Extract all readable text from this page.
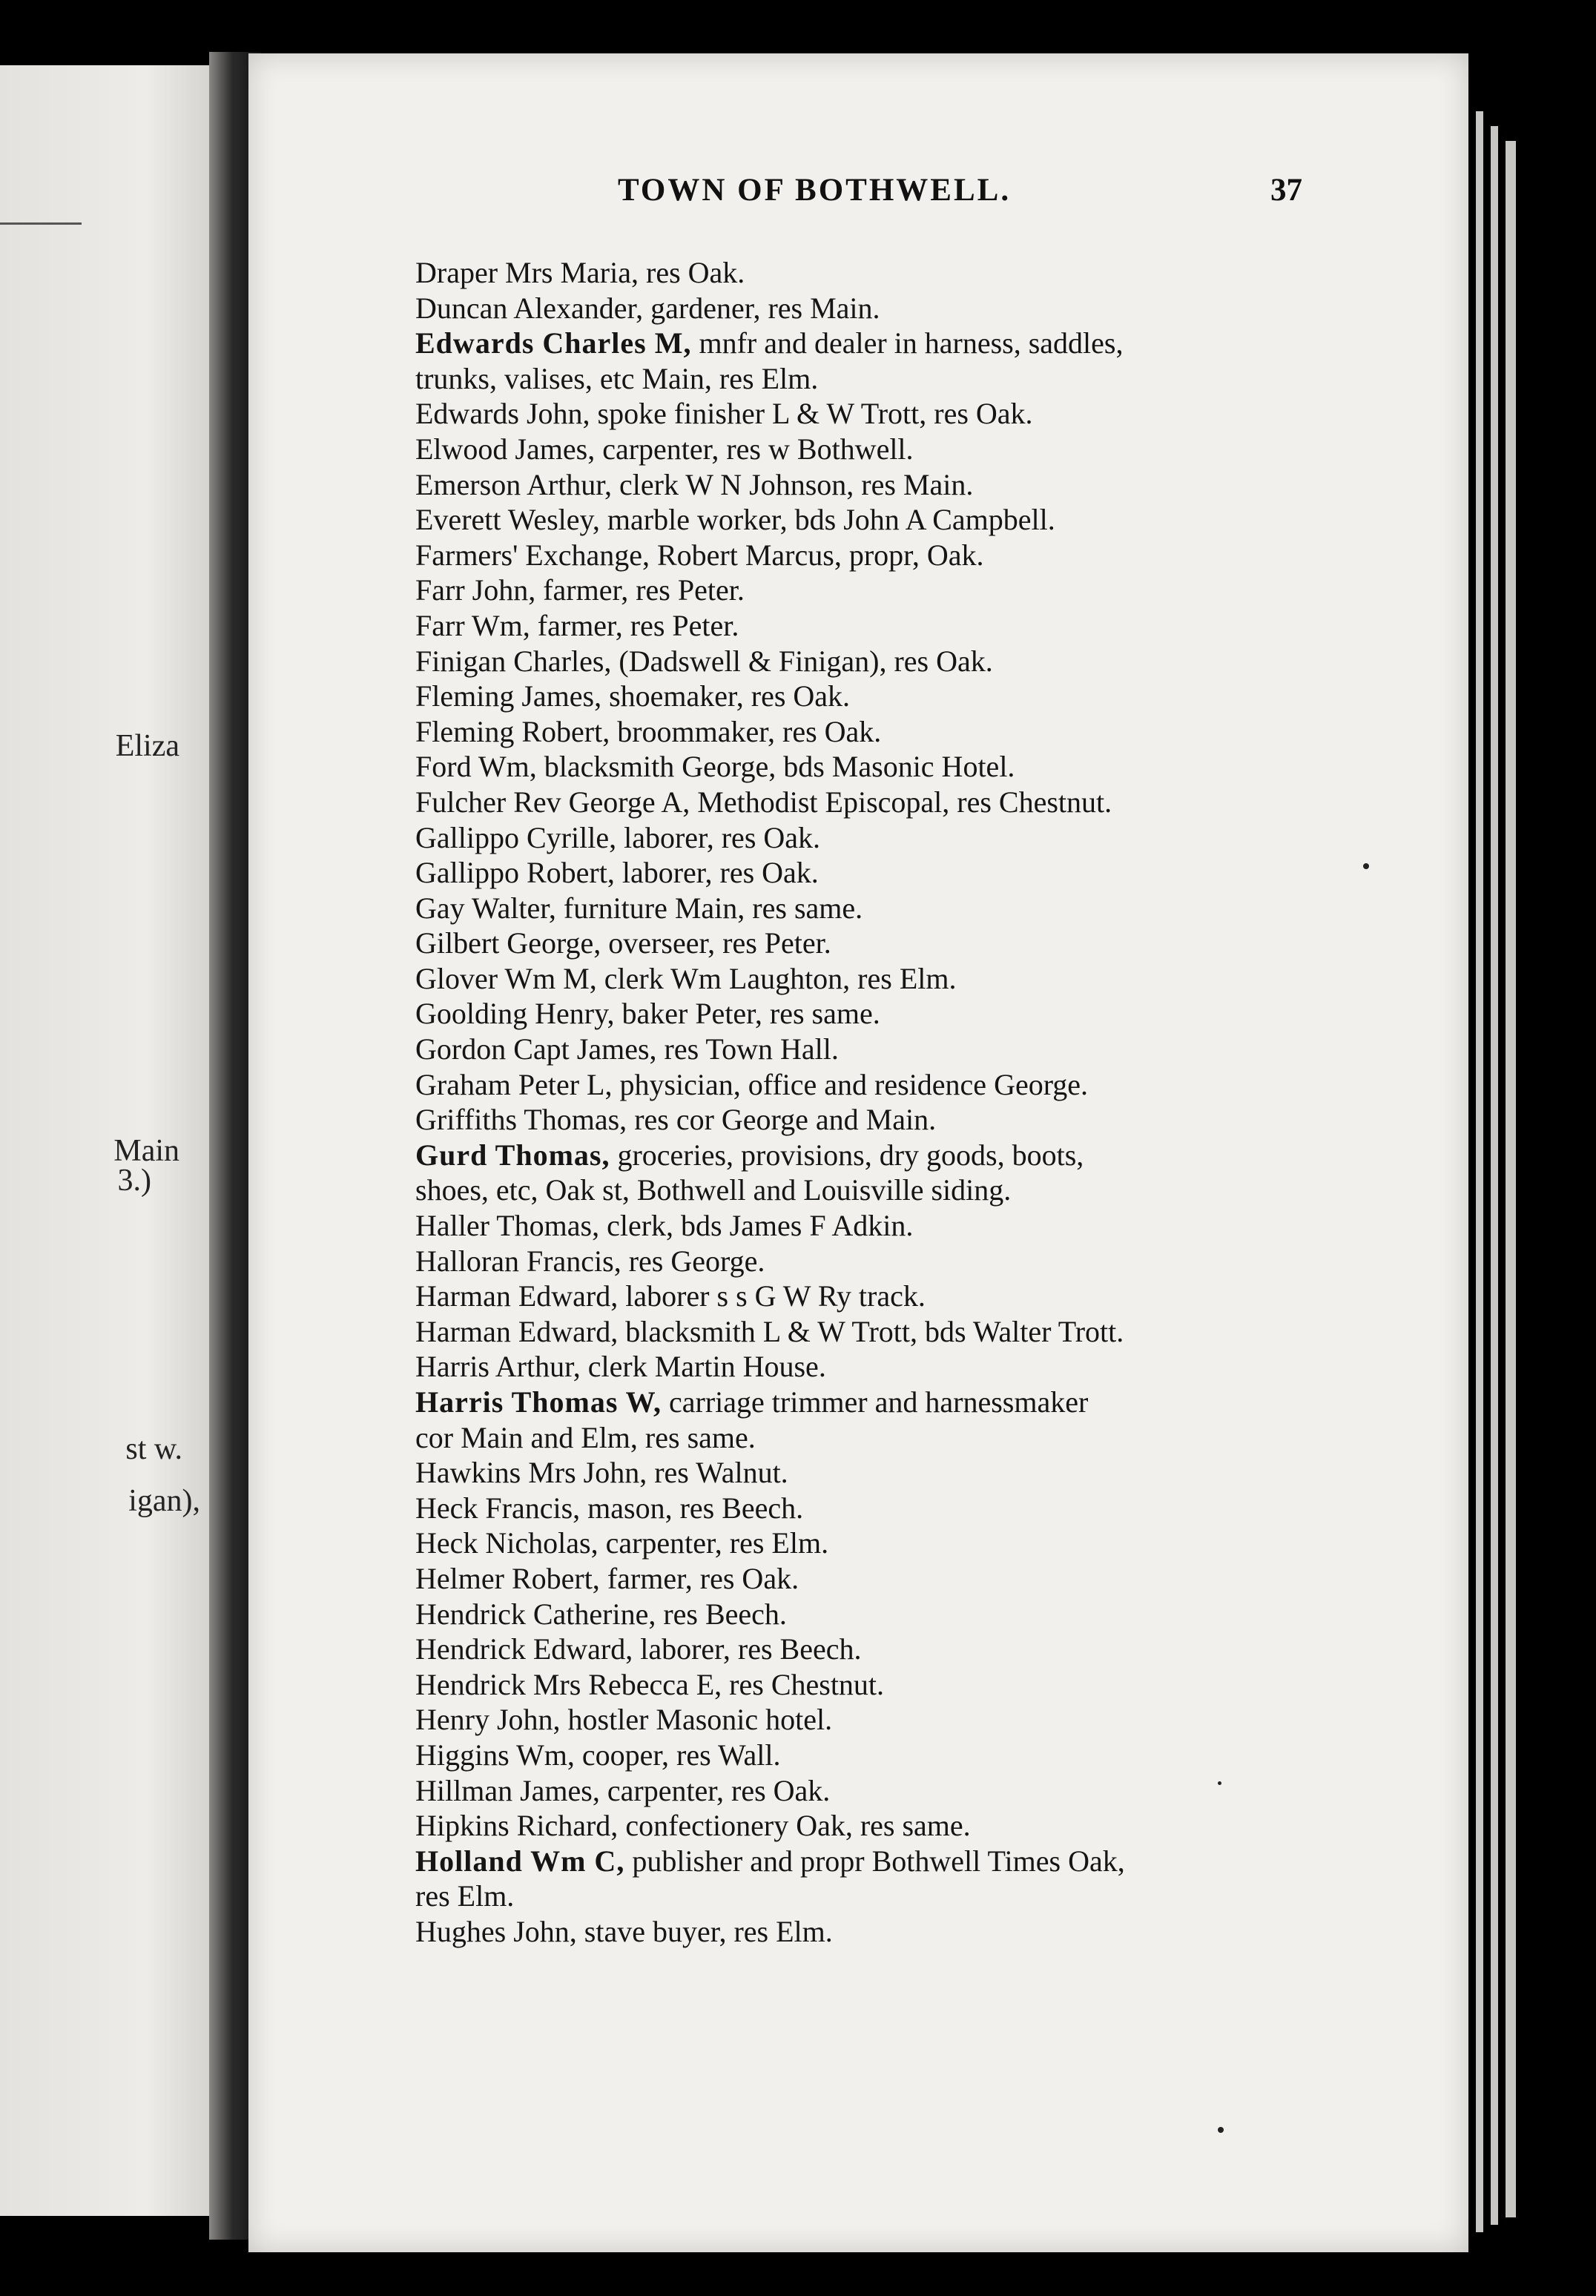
Eliza
Main
3.)
st w.
igan),
TOWN OF BOTHWELL.	37
Draper Mrs Maria, res Oak.
Duncan Alexander, gardener, res Main.
Edwards Charles M, mnfr and dealer in harness, saddles,
trunks, valises, etc Main, res Elm.
Edwards John, spoke finisher L & W Trott, res Oak.
Elwood James, carpenter, res w Bothwell.
Emerson Arthur, clerk W N Johnson, res Main.
Everett Wesley, marble worker, bds John A Campbell.
Farmers' Exchange, Robert Marcus, propr, Oak.
Farr John, farmer, res Peter.
Farr Wm, farmer, res Peter.
Finigan Charles, (Dadswell & Finigan), res Oak.
Fleming James, shoemaker, res Oak.
Fleming Robert, broommaker, res Oak.
Ford Wm, blacksmith George, bds Masonic Hotel.
Fulcher Rev George A, Methodist Episcopal, res Chestnut.
Gallippo Cyrille, laborer, res Oak.
Gallippo Robert, laborer, res Oak.
Gay Walter, furniture Main, res same.
Gilbert George, overseer, res Peter.
Glover Wm M, clerk Wm Laughton, res Elm.
Goolding Henry, baker Peter, res same.
Gordon Capt James, res Town Hall.
Graham Peter L, physician, office and residence George.
Griffiths Thomas, res cor George and Main.
Gurd Thomas, groceries, provisions, dry goods, boots,
shoes, etc, Oak st, Bothwell and Louisville siding.
Haller Thomas, clerk, bds James F Adkin.
Halloran Francis, res George.
Harman Edward, laborer s s G W Ry track.
Harman Edward, blacksmith L & W Trott, bds Walter Trott.
Harris Arthur, clerk Martin House.
Harris Thomas W, carriage trimmer and harnessmaker
cor Main and Elm, res same.
Hawkins Mrs John, res Walnut.
Heck Francis, mason, res Beech.
Heck Nicholas, carpenter, res Elm.
Helmer Robert, farmer, res Oak.
Hendrick Catherine, res Beech.
Hendrick Edward, laborer, res Beech.
Hendrick Mrs Rebecca E, res Chestnut.
Henry John, hostler Masonic hotel.
Higgins Wm, cooper, res Wall.
Hillman James, carpenter, res Oak.
Hipkins Richard, confectionery Oak, res same.
Holland Wm C, publisher and propr Bothwell Times Oak,
res Elm.
Hughes John, stave buyer, res Elm.
